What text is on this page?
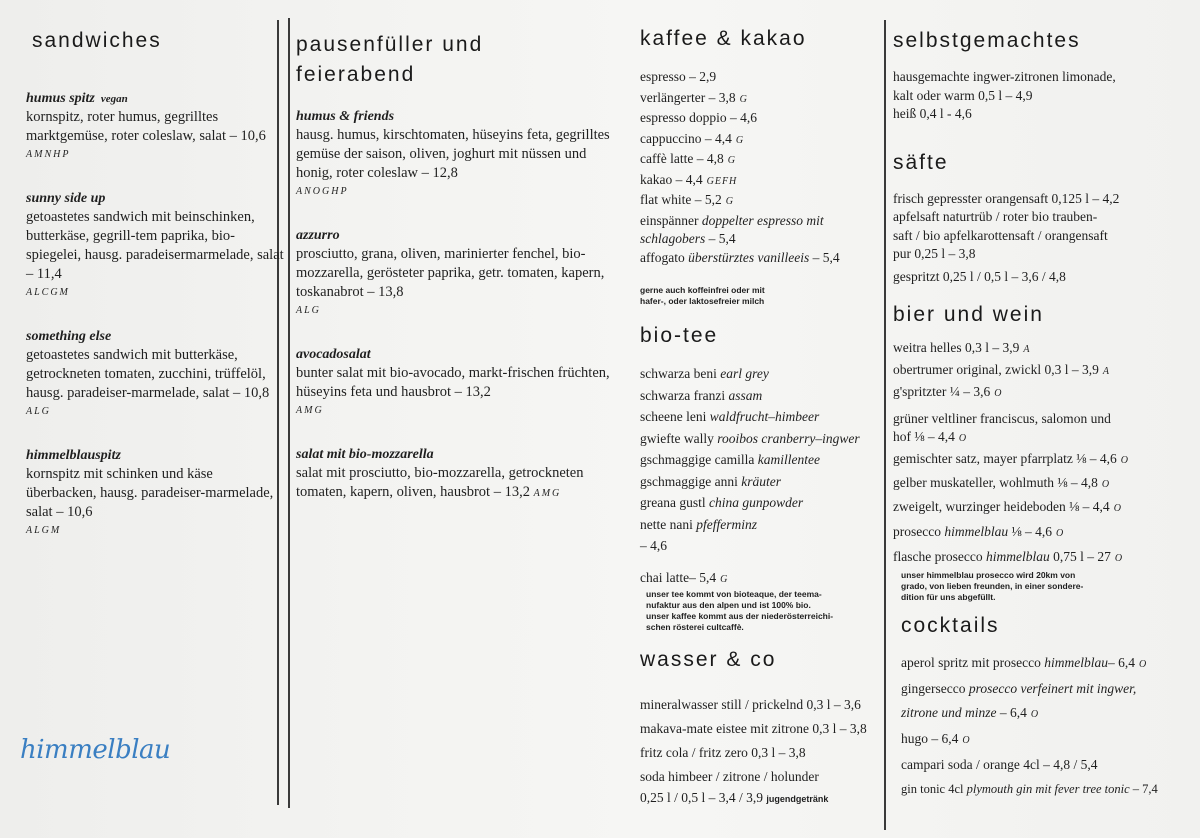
sandwiches
humus spitz vegan
kornspitz, roter humus, gegrilltes marktgemüse, roter coleslaw, salat – 10,6
AMNHP
sunny side up
getoastetes sandwich mit beinschinken, butterkäse, gegrill-tem paprika, bio-spiegelei, hausg. paradeisermarmelade, salat – 11,4
ALCGM
something else
getoastetes sandwich mit butterkäse, getrockneten tomaten, zucchini, trüffelöl, hausg. paradeiser-marmelade, salat – 10,8
ALG
himmelblauspitz
kornspitz mit schinken und käse überbacken, hausg. paradeiser-marmelade, salat – 10,6
ALGM
himmelblau
pausenfüller und
feierabend
humus & friends
hausg. humus, kirschtomaten, hüseyins feta, gegrilltes gemüse der saison, oliven, joghurt mit nüssen und honig, roter coleslaw – 12,8
ANOGHP
azzurro
prosciutto, grana, oliven, marinierter fenchel, bio-mozzarella, gerösteter paprika, getr. tomaten, kapern, toskanabrot – 13,8
ALG
avocadosalat
bunter salat mit bio-avocado, markt-frischen früchten, hüseyins feta und hausbrot – 13,2
AMG
salat mit bio-mozzarella
salat mit prosciutto, bio-mozzarella, getrockneten tomaten, kapern, oliven, hausbrot – 13,2 AMG
kaffee & kakao
espresso – 2,9
verlängerter – 3,8 G
espresso doppio – 4,6
cappuccino – 4,4 G
caffè latte – 4,8 G
kakao – 4,4 GEFH
flat white – 5,2 G
einspänner doppelter espresso mit
schlagobers – 5,4
affogato überstürztes vanilleeis – 5,4
gerne auch koffeinfrei oder mit
hafer-, oder laktosefreier milch
bio-tee
schwarza beni earl grey
schwarza franzi assam
scheene leni waldfrucht–himbeer
gwiefte wally rooibos cranberry–ingwer
gschmaggige camilla kamillentee
gschmaggige anni kräuter
greana gustl china gunpowder
nette nani pfefferminz
– 4,6
chai latte– 5,4 G
unser tee kommt von bioteaque, der teema-
nufaktur aus den alpen und ist 100% bio.
unser kaffee kommt aus der niederösterreichi-
schen rösterei cultcaffè.
wasser & co
mineralwasser still / prickelnd 0,3 l – 3,6
makava-mate eistee mit zitrone 0,3 l – 3,8
fritz cola / fritz zero 0,3 l – 3,8
soda himbeer / zitrone / holunder
0,25 l / 0,5 l – 3,4 / 3,9 jugendgetränk
selbstgemachtes
hausgemachte ingwer-zitronen limonade,
kalt oder warm 0,5 l – 4,9
heiß 0,4 l - 4,6
säfte
frisch gepresster orangensaft 0,125 l – 4,2
apfelsaft naturtrüb / roter bio trauben-
saft / bio apfelkarottensaft / orangensaft
pur 0,25 l – 3,8
gespritzt 0,25 l / 0,5 l – 3,6 / 4,8
bier und wein
weitra helles 0,3 l – 3,9 A
obertrumer original, zwickl 0,3 l – 3,9 A
g'spritzter ¼ – 3,6 O
grüner veltliner franciscus, salomon und
hof ⅛ – 4,4 O
gemischter satz, mayer pfarrplatz ⅛ – 4,6 O
gelber muskateller, wohlmuth ⅛ – 4,8 O
zweigelt, wurzinger heideboden ⅛ – 4,4 O
prosecco himmelblau ⅛ – 4,6 O
flasche prosecco himmelblau 0,75 l – 27 O
unser himmelblau prosecco wird 20km von
grado, von lieben freunden, in einer sondere-
dition für uns abgefüllt.
cocktails
aperol spritz mit prosecco himmelblau– 6,4 O
gingersecco prosecco verfeinert mit ingwer,
zitrone und minze – 6,4 O
hugo – 6,4 O
campari soda / orange 4cl – 4,8 / 5,4
gin tonic 4cl plymouth gin mit fever tree tonic – 7,4
